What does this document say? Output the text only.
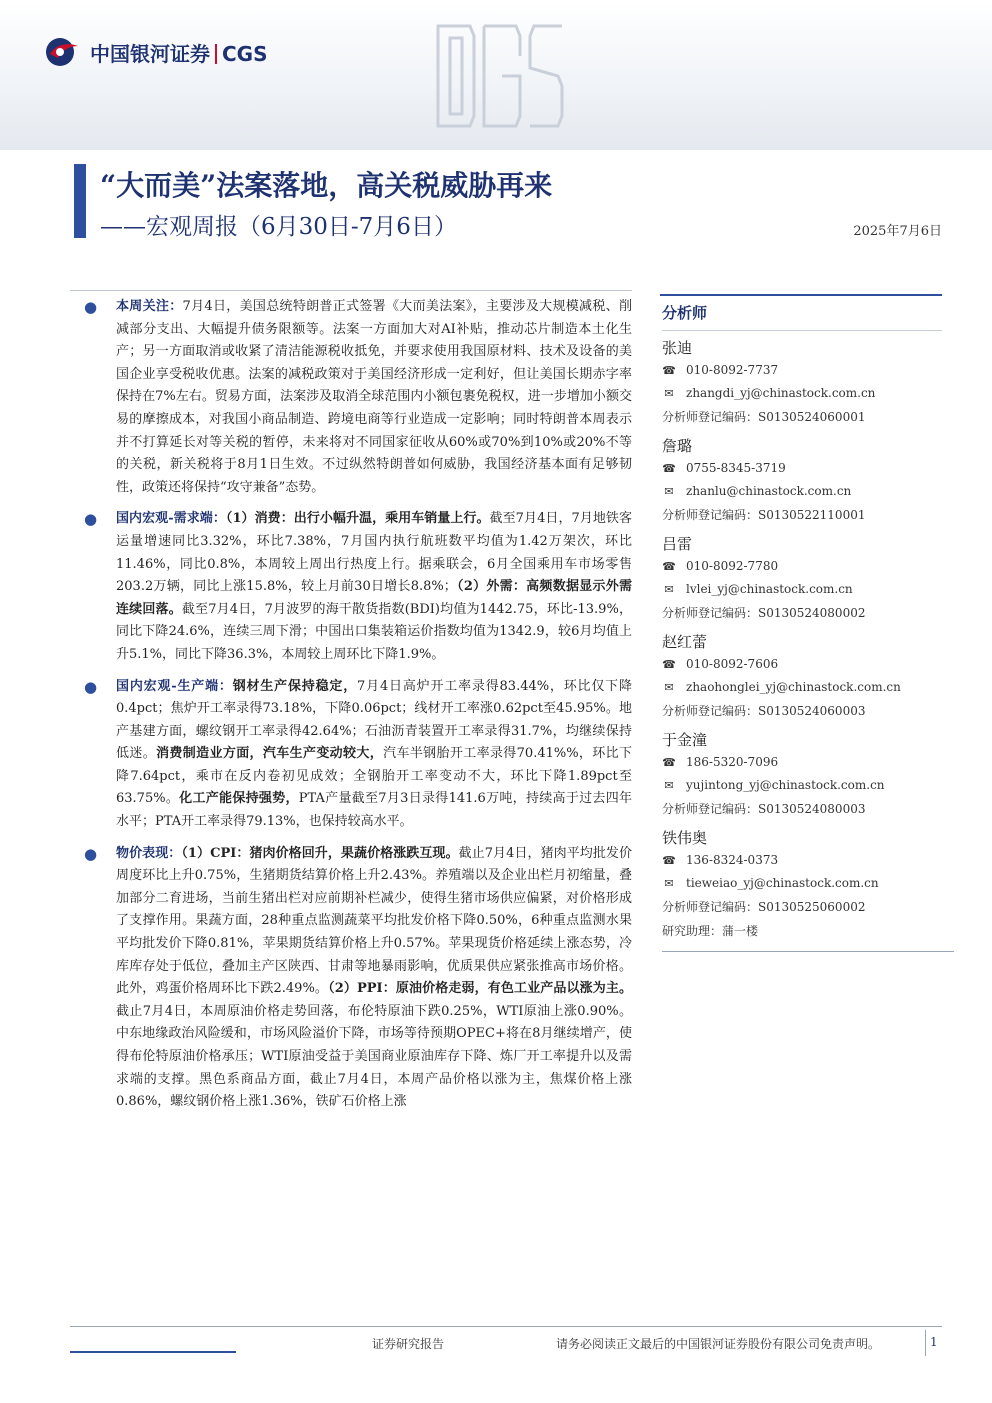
中国银河证券 CGS
“大而美”法案落地，高关税威胁再来
——宏观周报（6月30日-7月6日）	2025年7月6日
● 本周关注：7月4日，美国总统特朗普正式签署《大而美法案》，主要涉及大规模减税、削减部分支出、大幅提升债务限额等。法案一方面加大对AI补贴，推动芯片制造本土化生产；另一方面取消或收紧了清洁能源税收抵免，并要求使用我国原材料、技术及设备的美国企业享受税收优惠。法案的减税政策对于美国经济形成一定利好，但让美国长期赤字率保持在7%左右。贸易方面，法案涉及取消全球范围内小额包裹免税权，进一步增加小额交易的摩擦成本，对我国小商品制造、跨境电商等行业造成一定影响；同时特朗普本周表示并不打算延长对等关税的暂停，未来将对不同国家征收从60%或70%到10%或20%不等的关税，新关税将于8月1日生效。不过纵然特朗普如何威胁，我国经济基本面有足够韧性，政策还将保持“攻守兼备”态势。
● 国内宏观-需求端：（1）消费：出行小幅升温，乘用车销量上行。截至7月4日，7月地铁客运量增速同比3.32%，环比7.38%，7月国内执行航班数平均值为1.42万架次，环比11.46%，同比0.8%，本周较上周出行热度上行。据乘联会，6月全国乘用车市场零售203.2万辆，同比上涨15.8%，较上月前30日增长8.8%；（2）外需：高频数据显示外需连续回落。截至7月4日，7月波罗的海干散货指数(BDI)均值为1442.75，环比-13.9%，同比下降24.6%，连续三周下滑；中国出口集装箱运价指数均值为1342.9，较6月均值上升5.1%，同比下降36.3%，本周较上周环比下降1.9%。
● 国内宏观-生产端：钢材生产保持稳定，7月4日高炉开工率录得83.44%，环比仅下降0.4pct；焦炉开工率录得73.18%，下降0.06pct；线材开工率涨0.62pct至45.95%。地产基建方面，螺纹钢开工率录得42.64%；石油沥青装置开工率录得31.7%，均继续保持低迷。消费制造业方面，汽车生产变动较大，汽车半钢胎开工率录得70.41%%，环比下降7.64pct，乘市在反内卷初见成效；全钢胎开工率变动不大，环比下降1.89pct至63.75%。化工产能保持强势，PTA产量截至7月3日录得141.6万吨，持续高于过去四年水平；PTA开工率录得79.13%，也保持较高水平。
● 物价表现：（1）CPI：猪肉价格回升，果蔬价格涨跌互现。截止7月4日，猪肉平均批发价周度环比上升0.75%，生猪期货结算价格上升2.43%。养殖端以及企业出栏月初缩量，叠加部分二育进场，当前生猪出栏对应前期补栏减少，使得生猪市场供应偏紧，对价格形成了支撑作用。果蔬方面，28种重点监测蔬菜平均批发价格下降0.50%，6种重点监测水果平均批发价下降0.81%，苹果期货结算价格上升0.57%。苹果现货价格延续上涨态势，冷库库存处于低位，叠加主产区陕西、甘肃等地暴雨影响，优质果供应紧张推高市场价格。此外，鸡蛋价格周环比下跌2.49%。（2）PPI：原油价格走弱，有色工业产品以涨为主。截止7月4日，本周原油价格走势回落，布伦特原油下跌0.25%，WTI原油上涨0.90%。中东地缘政治风险缓和，市场风险溢价下降，市场等待预期OPEC+将在8月继续增产，使得布伦特原油价格承压；WTI原油受益于美国商业原油库存下降、炼厂开工率提升以及需求端的支撑。黑色系商品方面，截止7月4日，本周产品价格以涨为主，焦煤价格上涨0.86%，螺纹钢价格上涨1.36%，铁矿石价格上涨
分析师
张迪
☎ 010-8092-7737
✉ zhangdi_yj@chinastock.com.cn
分析师登记编码：S0130524060001
詹璐
☎ 0755-8345-3719
✉ zhanlu@chinastock.com.cn
分析师登记编码：S0130522110001
吕雷
☎ 010-8092-7780
✉ lvlei_yj@chinastock.com.cn
分析师登记编码：S0130524080002
赵红蕾
☎ 010-8092-7606
✉ zhaohonglei_yj@chinastock.com.cn
分析师登记编码：S0130524060003
于金潼
☎ 186-5320-7096
✉ yujintong_yj@chinastock.com.cn
分析师登记编码：S0130524080003
铁伟奥
☎ 136-8324-0373
✉ tieweiao_yj@chinastock.com.cn
分析师登记编码：S0130525060002
研究助理：蒲一楼
证券研究报告	请务必阅读正文最后的中国银河证券股份有限公司免责声明。	1
